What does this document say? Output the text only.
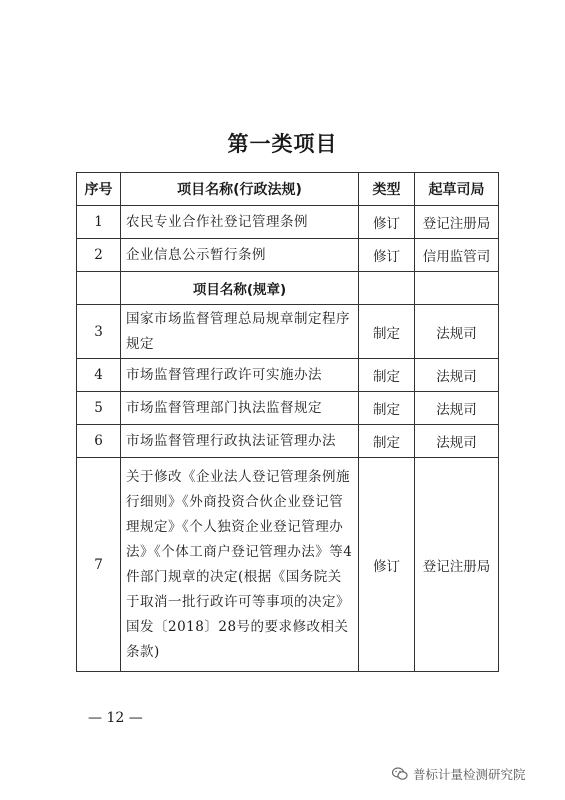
第一类项目
序号	项目名称(行政法规)	类型	起草司局
1	农民专业合作社登记管理条例	修订	登记注册局
2	企业信息公示暂行条例	修订	信用监管司
	项目名称(规章)		
3	国家市场监督管理总局规章制定程序规定	制定	法规司
4	市场监督管理行政许可实施办法	制定	法规司
5	市场监督管理部门执法监督规定	制定	法规司
6	市场监督管理行政执法证管理办法	制定	法规司
7	关于修改《企业法人登记管理条例施行细则》《外商投资合伙企业登记管理规定》《个人独资企业登记管理办法》《个体工商户登记管理办法》等4件部门规章的决定(根据《国务院关于取消一批行政许可等事项的决定》国发〔2018〕28号的要求修改相关条款)	修订	登记注册局
— 12 —
普标计量检测研究院
